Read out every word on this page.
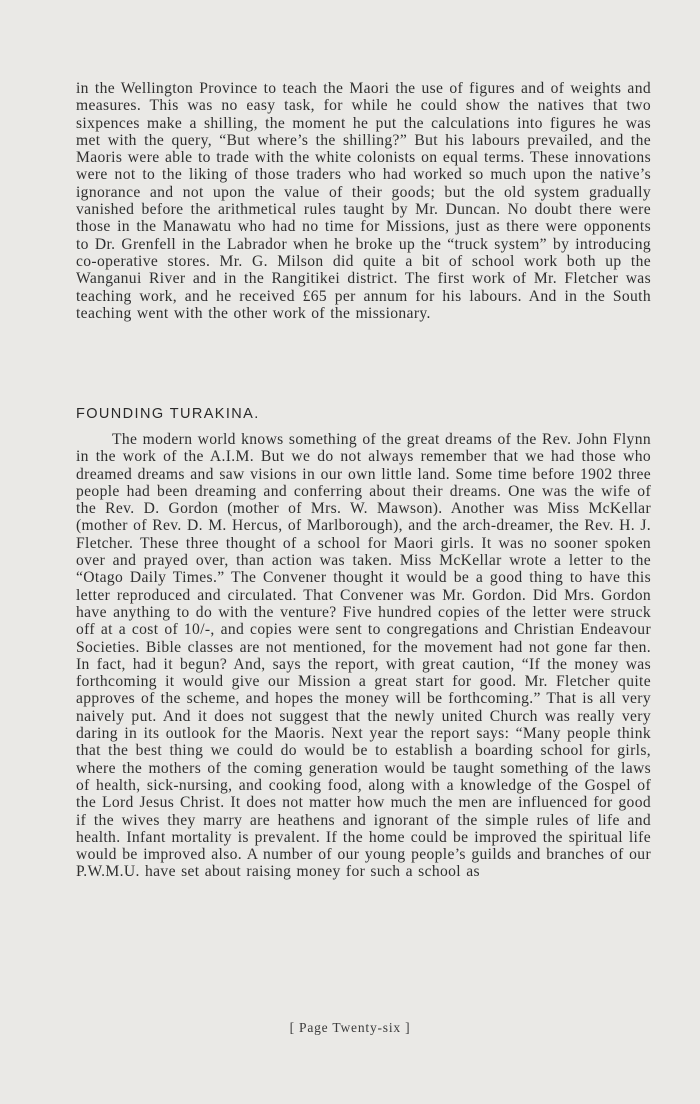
in the Wellington Province to teach the Maori the use of figures and of weights and measures. This was no easy task, for while he could show the natives that two sixpences make a shilling, the moment he put the calculations into figures he was met with the query, “But where’s the shilling?” But his labours prevailed, and the Maoris were able to trade with the white colonists on equal terms. These innovations were not to the liking of those traders who had worked so much upon the native’s ignorance and not upon the value of their goods; but the old system gradually vanished before the arithmetical rules taught by Mr. Duncan. No doubt there were those in the Manawatu who had no time for Missions, just as there were opponents to Dr. Grenfell in the Labrador when he broke up the “truck system” by introducing co-operative stores. Mr. G. Milson did quite a bit of school work both up the Wanganui River and in the Rangitikei district. The first work of Mr. Fletcher was teaching work, and he received £65 per annum for his labours. And in the South teaching went with the other work of the missionary.

FOUNDING TURAKINA.

The modern world knows something of the great dreams of the Rev. John Flynn in the work of the A.I.M. But we do not always remember that we had those who dreamed dreams and saw visions in our own little land. Some time before 1902 three people had been dreaming and conferring about their dreams. One was the wife of the Rev. D. Gordon (mother of Mrs. W. Mawson). Another was Miss McKellar (mother of Rev. D. M. Hercus, of Marlborough), and the arch-dreamer, the Rev. H. J. Fletcher. These three thought of a school for Maori girls. It was no sooner spoken over and prayed over, than action was taken. Miss McKellar wrote a letter to the “Otago Daily Times.” The Convener thought it would be a good thing to have this letter reproduced and circulated. That Convener was Mr. Gordon. Did Mrs. Gordon have anything to do with the venture? Five hundred copies of the letter were struck off at a cost of 10/-, and copies were sent to congregations and Christian Endeavour Societies. Bible classes are not mentioned, for the movement had not gone far then. In fact, had it begun? And, says the report, with great caution, “If the money was forthcoming it would give our Mission a great start for good. Mr. Fletcher quite approves of the scheme, and hopes the money will be forthcoming.” That is all very naively put. And it does not suggest that the newly united Church was really very daring in its outlook for the Maoris. Next year the report says: “Many people think that the best thing we could do would be to establish a boarding school for girls, where the mothers of the coming generation would be taught something of the laws of health, sick-nursing, and cooking food, along with a knowledge of the Gospel of the Lord Jesus Christ. It does not matter how much the men are influenced for good if the wives they marry are heathens and ignorant of the simple rules of life and health. Infant mortality is prevalent. If the home could be improved the spiritual life would be improved also. A number of our young people’s guilds and branches of our P.W.M.U. have set about raising money for such a school as

[ Page Twenty-six ]
